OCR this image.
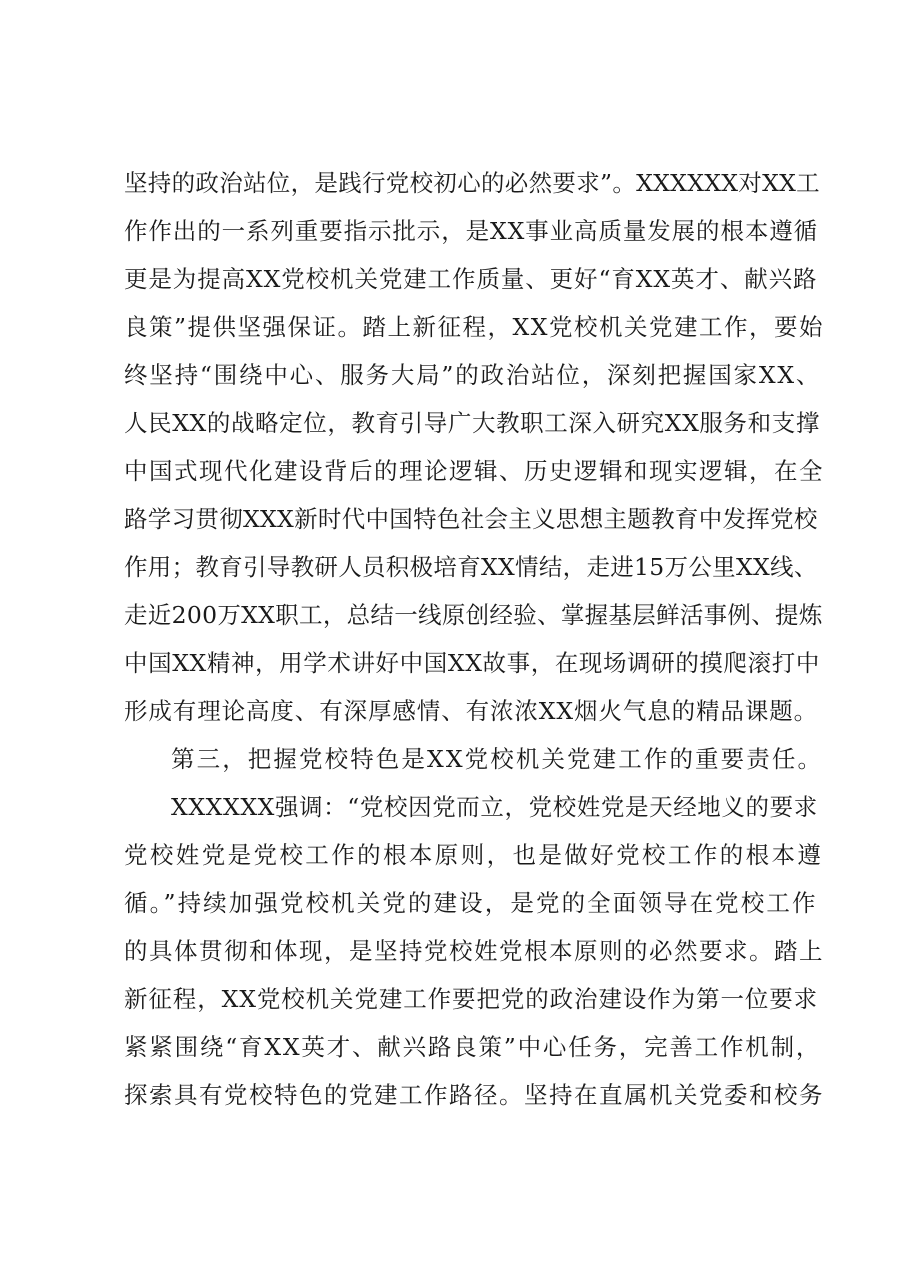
坚持的政治站位，是践行党校初心的必然要求”。XXXXXX对XX工
作作出的一系列重要指示批示，是XX事业高质量发展的根本遵循
更是为提高XX党校机关党建工作质量、更好“育XX英才、献兴路
良策”提供坚强保证。踏上新征程，XX党校机关党建工作，要始
终坚持“围绕中心、服务大局”的政治站位，深刻把握国家XX、
人民XX的战略定位，教育引导广大教职工深入研究XX服务和支撑
中国式现代化建设背后的理论逻辑、历史逻辑和现实逻辑，在全
路学习贯彻XXX新时代中国特色社会主义思想主题教育中发挥党校
作用；教育引导教研人员积极培育XX情结，走进15万公里XX线、
走近200万XX职工，总结一线原创经验、掌握基层鲜活事例、提炼
中国XX精神，用学术讲好中国XX故事，在现场调研的摸爬滚打中
形成有理论高度、有深厚感情、有浓浓XX烟火气息的精品课题。
第三，把握党校特色是XX党校机关党建工作的重要责任。
XXXXXX强调：“党校因党而立，党校姓党是天经地义的要求
党校姓党是党校工作的根本原则，也是做好党校工作的根本遵
循。”持续加强党校机关党的建设，是党的全面领导在党校工作
的具体贯彻和体现，是坚持党校姓党根本原则的必然要求。踏上
新征程，XX党校机关党建工作要把党的政治建设作为第一位要求
紧紧围绕“育XX英才、献兴路良策”中心任务，完善工作机制，
探索具有党校特色的党建工作路径。坚持在直属机关党委和校务
